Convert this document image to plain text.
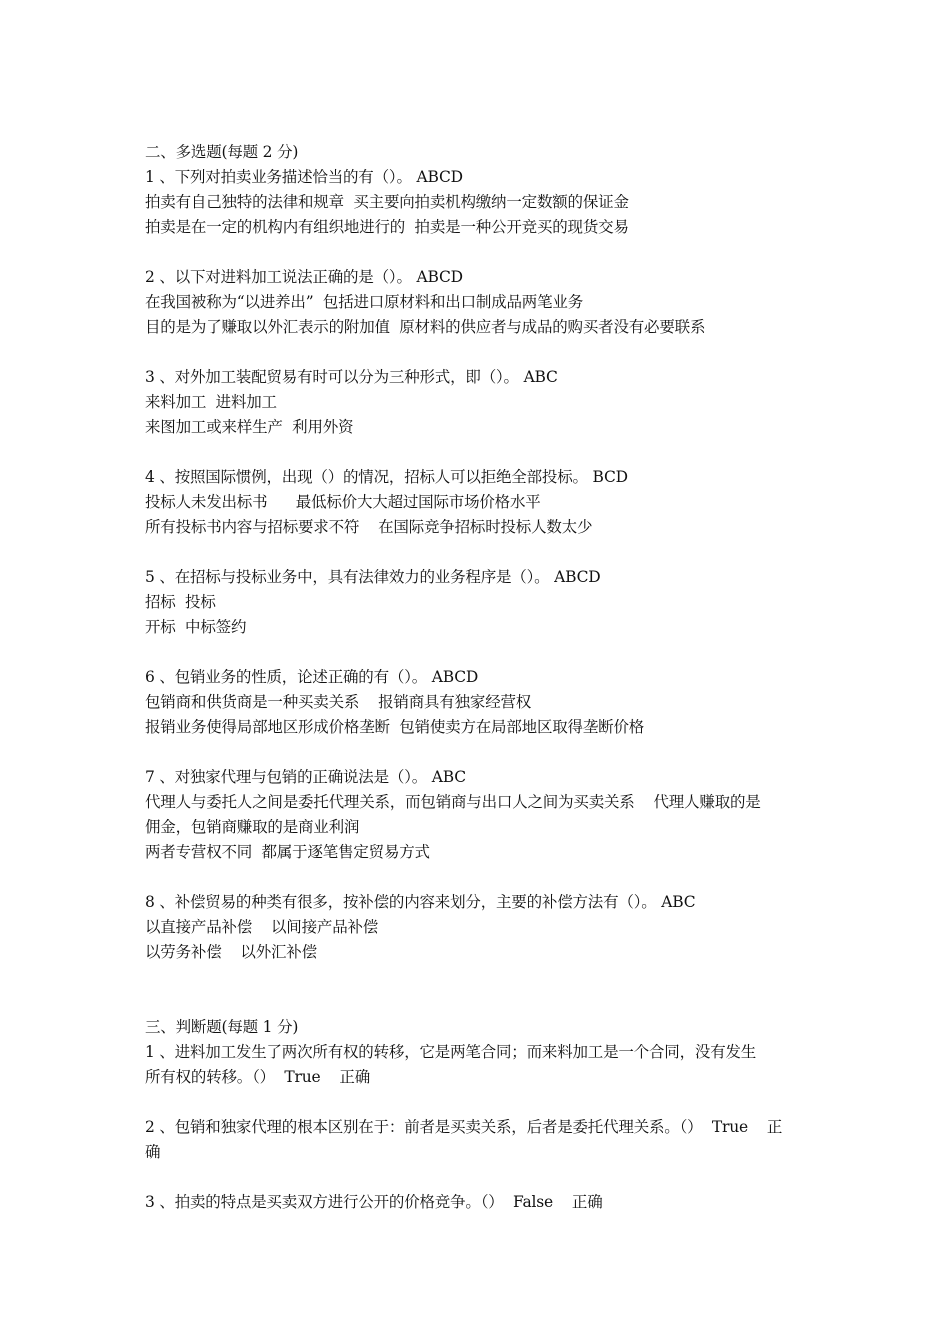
二、多选题(每题 2 分)
1 、下列对拍卖业务描述恰当的有（）。 ABCD
拍卖有自己独特的法律和规章  买主要向拍卖机构缴纳一定数额的保证金
拍卖是在一定的机构内有组织地进行的  拍卖是一种公开竞买的现货交易
2 、以下对进料加工说法正确的是（）。 ABCD
在我国被称为“以进养出”  包括进口原材料和出口制成品两笔业务
目的是为了赚取以外汇表示的附加值  原材料的供应者与成品的购买者没有必要联系
3 、对外加工装配贸易有时可以分为三种形式，即（）。 ABC
来料加工  进料加工
来图加工或来样生产  利用外资
4 、按照国际惯例，出现（）的情况，招标人可以拒绝全部投标。 BCD
投标人未发出标书      最低标价大大超过国际市场价格水平
所有投标书内容与招标要求不符    在国际竞争招标时投标人数太少
5 、在招标与投标业务中，具有法律效力的业务程序是（）。 ABCD
招标  投标
开标  中标签约
6 、包销业务的性质，论述正确的有（）。 ABCD
包销商和供货商是一种买卖关系    报销商具有独家经营权
报销业务使得局部地区形成价格垄断  包销使卖方在局部地区取得垄断价格
7 、对独家代理与包销的正确说法是（）。 ABC
代理人与委托人之间是委托代理关系，而包销商与出口人之间为买卖关系    代理人赚取的是
佣金，包销商赚取的是商业利润
两者专营权不同  都属于逐笔售定贸易方式
8 、补偿贸易的种类有很多，按补偿的内容来划分，主要的补偿方法有（）。 ABC
以直接产品补偿    以间接产品补偿
以劳务补偿    以外汇补偿
三、判断题(每题 1 分)
1 、进料加工发生了两次所有权的转移，它是两笔合同；而来料加工是一个合同，没有发生
所有权的转移。（）  True    正确
2 、包销和独家代理的根本区别在于：前者是买卖关系，后者是委托代理关系。（）  True    正
确
3 、拍卖的特点是买卖双方进行公开的价格竞争。（）  False    正确
